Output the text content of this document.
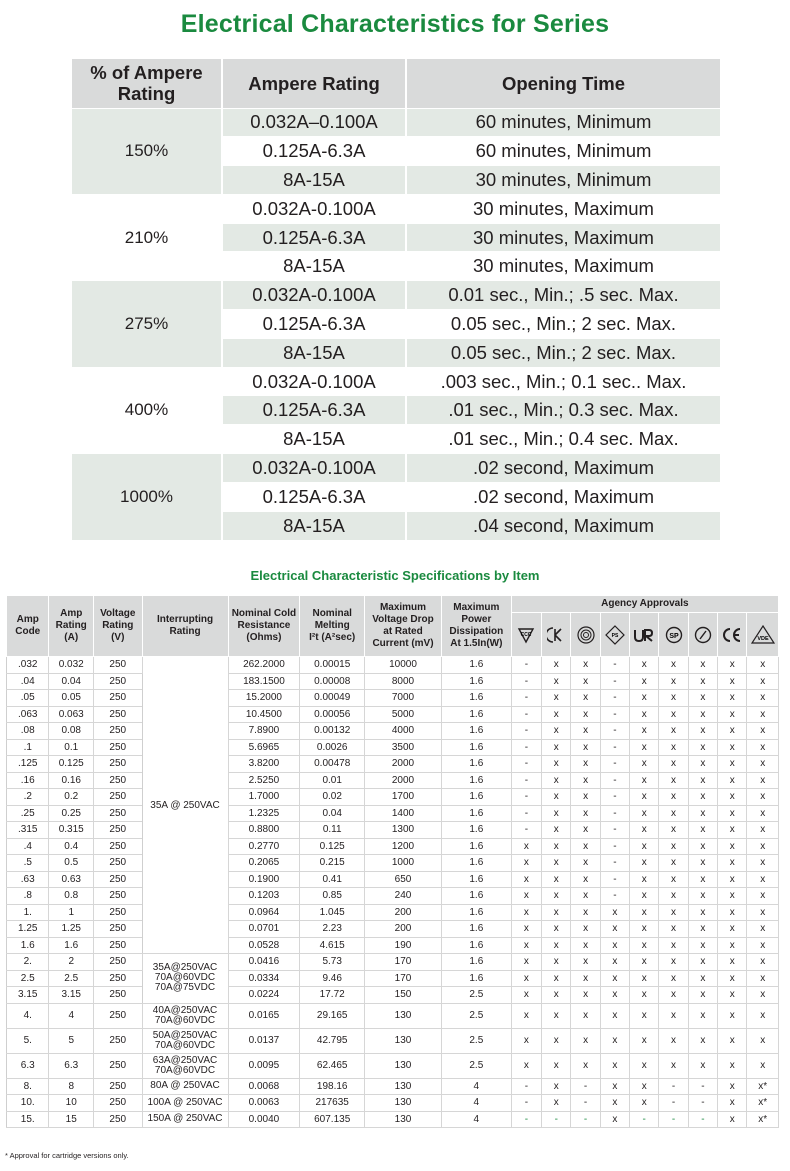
Electrical Characteristics for Series
% of Ampere
Rating	Ampere Rating	Opening Time
150%	0.032A–0.100A	60 minutes, Minimum
	0.125A-6.3A	60 minutes, Minimum
	8A-15A	30 minutes, Minimum
210%	0.032A-0.100A	30 minutes, Maximum
	0.125A-6.3A	30 minutes, Maximum
	8A-15A	30 minutes, Maximum
275%	0.032A-0.100A	0.01 sec., Min.; .5 sec. Max.
	0.125A-6.3A	0.05 sec., Min.; 2 sec. Max.
	8A-15A	0.05 sec., Min.; 2 sec. Max.
400%	0.032A-0.100A	.003 sec., Min.; 0.1 sec.. Max.
	0.125A-6.3A	.01 sec., Min.; 0.3 sec. Max.
	8A-15A	.01 sec., Min.; 0.4 sec. Max.
1000%	0.032A-0.100A	.02 second, Maximum
	0.125A-6.3A	.02 second, Maximum
	8A-15A	.04 second, Maximum
Electrical Characteristic Specifications by Item
Amp
Code	Amp
Rating
(A)	Voltage
Rating
(V)	Interrupting
Rating	Nominal Cold
Resistance
(Ohms)	Nominal
Melting
I²t (A²sec)	Maximum
Voltage Drop
at Rated
Current (mV)	Maximum
Power
Dissipation
At 1.5In(W)	Agency Approvals								

CCC			PS		SP			VDE

.032	0.032	250	35A @ 250VAC	262.2000	0.00015	10000	1.6	-	x	x	-	x	x	x	x	x
.04	0.04	250		183.1500	0.00008	8000	1.6	-	x	x	-	x	x	x	x	x
.05	0.05	250		15.2000	0.00049	7000	1.6	-	x	x	-	x	x	x	x	x
.063	0.063	250		10.4500	0.00056	5000	1.6	-	x	x	-	x	x	x	x	x
.08	0.08	250		7.8900	0.00132	4000	1.6	-	x	x	-	x	x	x	x	x
.1	0.1	250		5.6965	0.0026	3500	1.6	-	x	x	-	x	x	x	x	x
.125	0.125	250		3.8200	0.00478	2000	1.6	-	x	x	-	x	x	x	x	x
.16	0.16	250		2.5250	0.01	2000	1.6	-	x	x	-	x	x	x	x	x
.2	0.2	250		1.7000	0.02	1700	1.6	-	x	x	-	x	x	x	x	x
.25	0.25	250		1.2325	0.04	1400	1.6	-	x	x	-	x	x	x	x	x
.315	0.315	250		0.8800	0.11	1300	1.6	-	x	x	-	x	x	x	x	x
.4	0.4	250		0.2770	0.125	1200	1.6	x	x	x	-	x	x	x	x	x
.5	0.5	250		0.2065	0.215	1000	1.6	x	x	x	-	x	x	x	x	x
.63	0.63	250		0.1900	0.41	650	1.6	x	x	x	-	x	x	x	x	x
.8	0.8	250		0.1203	0.85	240	1.6	x	x	x	-	x	x	x	x	x
1.	1	250		0.0964	1.045	200	1.6	x	x	x	x	x	x	x	x	x
1.25	1.25	250		0.0701	2.23	200	1.6	x	x	x	x	x	x	x	x	x
1.6	1.6	250		0.0528	4.615	190	1.6	x	x	x	x	x	x	x	x	x
2.	2	250	35A@250VAC
70A@60VDC
70A@75VDC	0.0416	5.73	170	1.6	x	x	x	x	x	x	x	x	x
2.5	2.5	250		0.0334	9.46	170	1.6	x	x	x	x	x	x	x	x	x
3.15	3.15	250		0.0224	17.72	150	2.5	x	x	x	x	x	x	x	x	x
4.	4	250	40A@250VAC
70A@60VDC	0.0165	29.165	130	2.5	x	x	x	x	x	x	x	x	x
5.	5	250	50A@250VAC
70A@60VDC	0.0137	42.795	130	2.5	x	x	x	x	x	x	x	x	x
6.3	6.3	250	63A@250VAC
70A@60VDC	0.0095	62.465	130	2.5	x	x	x	x	x	x	x	x	x
8.	8	250	80A @ 250VAC	0.0068	198.16	130	4	-	x	-	x	x	-	-	x	x*
10.	10	250	100A @ 250VAC	0.0063	217635	130	4	-	x	-	x	x	-	-	x	x*
15.	15	250	150A @ 250VAC	0.0040	607.135	130	4	-	-	-	x	-	-	-	x	x*
* Approval for cartridge versions only.
